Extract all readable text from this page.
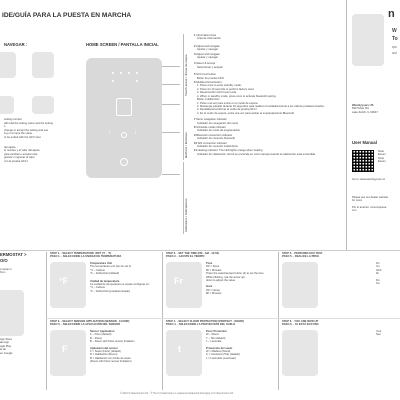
IDE/GUÍA PARA LA PUESTA EN MARCHA	n
NAVEGAR :
setting number
will read the setting name and the setting
o
change or accept the setting and use
ing or to input the value.
to be ended with the GFCI test.
del ajuste.
el nombre y el valor del ajuste.
para cambiar o aceptar este
gramar o ingresar el valor.
con la prueba GFCI.
HOME SCREEN / PANTALLA INICIAL
↑	↓
Touch areas / Áreas de toque
Buttons / Botones
Indicators / Indicadores
1 Information Area
Área de información
2 Adjust and navigate
Ajustar y navegar
3 Adjust and navigate
Ajustar y navegar
4 Select & Accept
Seleccionar y aceptar
5 GFCI test button
Botón de prueba GFCI
6 Multifunctional button:
1. Press once to enter standby mode.
2. Press for 10 seconds to perform factory reset
3. Reset/confirm GFCI test mode
4. When in standby mode, press once to activate bluetooth pairing
Botón multifunción:
1. Pulse una vez para entrar en el modo de espera.
2. Mantenga pulsado durante 10 segundos para realizar el restablecimiento a los valores predeterminados.
3. Restablecer/confirmar el modo de prueba GFCI
4. En el modo de espera, pulse una vez para activar el emparejamiento Bluetooth.
7 Menu navigation indicator
Indicador de navegación del menú
8 Schedule mode indicator
Indicador de modo de programación
9 Bluetooth connection indicator
Indicador de conexión bluetooth
10 Wifi connection indicator
Indicador de conexión inalámbrica
11 Heating indicator. The LED lights orange when heating
Indicador de calefacción. El led se enciende en color naranja cuando la calefacción está encendida.
W
To
QUI
GUÍ
Warmlyyours US
590 Telser Rd.
Lake Zurich, IL 60047
User Manual
Scan
Escan
Scan
Escan
Go to: www.warmlyyours.co
Please see our dealer website
for more
Por lo anterior, comuníquese
con
ERMOSTAT >
O/O
p setup w
from
App Store
ale App
ogle Play
le de
en Google
STEP 1. - SELECT TEMPERATURE UNIT (°F - °F)
PASO 1. - SELECCIONE LA UNIDAD DE TEMPERATURA
°F
Temperature Unit
The temperature unit can be set to
°C – Celsius
°F – Fahrenheit (default)
Unidad de temperatura
La unidad de temperatura se puede configurar en:
°C – Celsius
°F – Fahrenheit (predeterminado)
STEP 2. - SET THE TIME (FM - AM - 10:52)
PASO 2. - AJUSTE EL TIEMPO
Fr
Time
FR = Sixes
MI = Minutes
Press the select/accept button (4) to set the time.
While blinking, use the arrow up/
down to adjust the value
Hora
FR = Horas
MI = Minutos
STEP 5. - PERFORM GFCI TEST
PASO 5. - REALICE LA PRUE
Fin
Ins
GFC
flo
Fin
Ins
STEP 3. - SELECT SENSOR APPLICATION (SENSOR - FLOOR)
PASO 3. - SELECCIONE LA APLICACIÓN DEL SENSOR
F
Sensor Application
F – Floor (default)
R – Room
B – Room with Floor sensor limitation
Aplicación del sensor
F = Suelo (Floor) (default)
R = Habitación (Room)
B = Habitación con límite de suelo
(Room with Floor sensor limitation)
STEP 4. - SELECT FLOOR PROTECTION (PROTECT - WOOD)
PASO 4. - SELECCIONE LA PROTECCIÓN DEL SUELO
t
Floor Protection
W – Wood
T – Tile (default)
L – Laminate
Protección del suelo
W = Madera (Wood)
C = Cerámica (Tile) (default)
L = Laminado (Laminate)
STEP 6. - YOU ARE NOW UP
PASO 6. - YA ESTÁ EN FUNC
Your
Sus
© 2024 OJ Electronics A/S · ® The OJ trademark is a registered trademark belonging to OJ Electronics A/S
